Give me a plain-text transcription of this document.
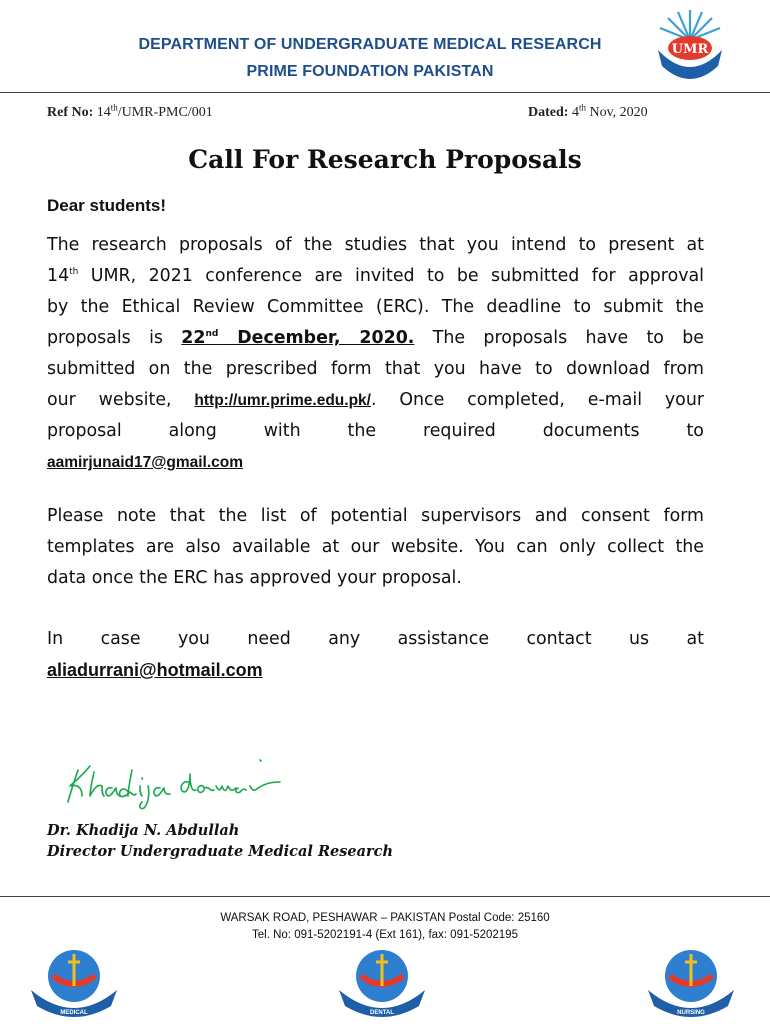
DEPARTMENT OF UNDERGRADUATE MEDICAL RESEARCH
PRIME FOUNDATION PAKISTAN
UMR
Ref No: 14th/UMR-PMC/001	Dated: 4th Nov, 2020
Call For Research Proposals
Dear students!
The research proposals of the studies that you intend to present at
14th UMR, 2021 conference are invited to be submitted for approval
by the Ethical Review Committee (ERC). The deadline to submit the
proposals is 22nd December, 2020. The proposals have to be
submitted on the prescribed form that you have to download from
our website, http://umr.prime.edu.pk/. Once completed, e-mail your
proposal	along	with	the	required	documents	to
aamirjunaid17@gmail.com
Please note that the list of potential supervisors and consent form
templates are also available at our website. You can only collect the
data once the ERC has approved your proposal.
In case you need any assistance contact us at
aliadurrani@hotmail.com
Dr. Khadija N. Abdullah
Director Undergraduate Medical Research
WARSAK ROAD, PESHAWAR – PAKISTAN Postal Code: 25160
Tel. No: 091-5202191-4 (Ext 161), fax: 091-5202195
MEDICAL	DENTAL	NURSING
